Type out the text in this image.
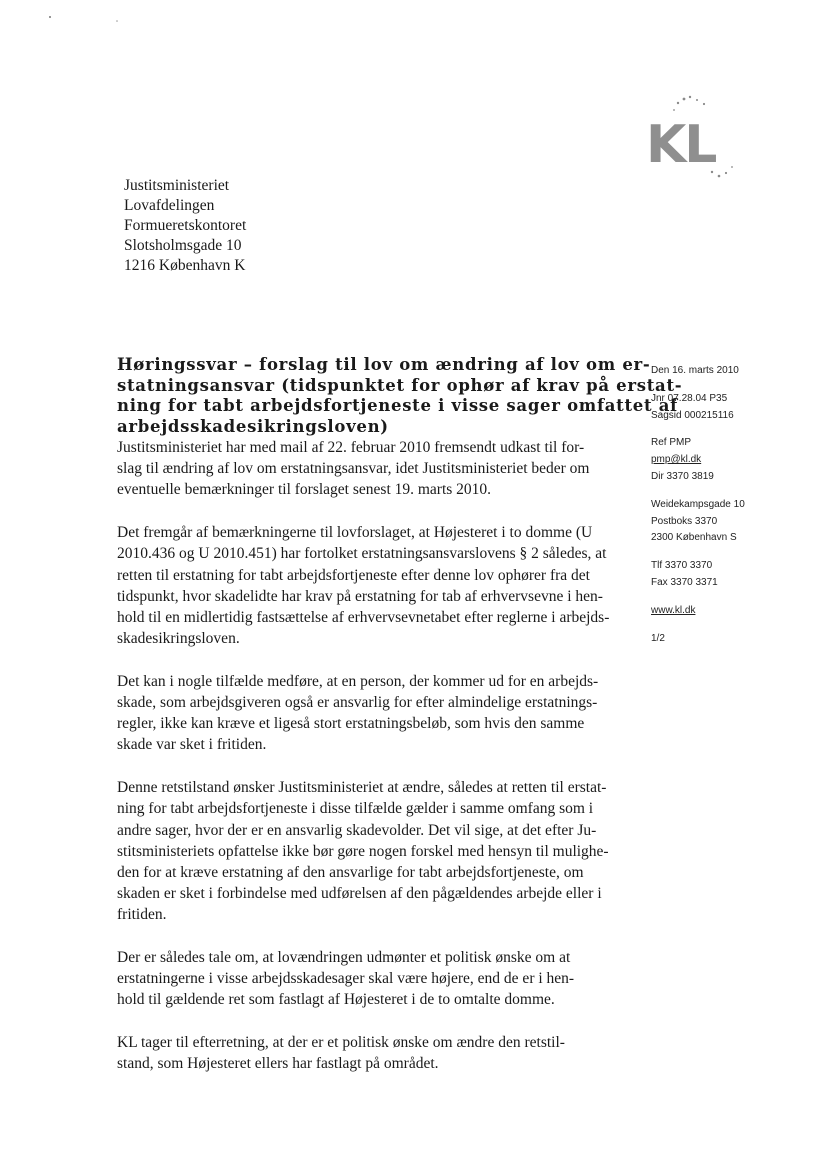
KL
Justitsministeriet
Lovafdelingen
Formueretskontoret
Slotsholmsgade 10
1216 København K
Høringssvar – forslag til lov om ændring af lov om er-
statningsansvar (tidspunktet for ophør af krav på erstat-
ning for tabt arbejdsfortjeneste i visse sager omfattet af
arbejdsskadesikringsloven)

Justitsministeriet har med mail af 22. februar 2010 fremsendt udkast til for-
slag til ændring af lov om erstatningsansvar, idet Justitsministeriet beder om
eventuelle bemærkninger til forslaget senest 19. marts 2010.

Det fremgår af bemærkningerne til lovforslaget, at Højesteret i to domme (U
2010.436 og U 2010.451) har fortolket erstatningsansvarslovens § 2 således, at
retten til erstatning for tabt arbejdsfortjeneste efter denne lov ophører fra det
tidspunkt, hvor skadelidte har krav på erstatning for tab af erhvervsevne i hen-
hold til en midlertidig fastsættelse af erhvervsevnetabet efter reglerne i arbejds-
skadesikringsloven.

Det kan i nogle tilfælde medføre, at en person, der kommer ud for en arbejds-
skade, som arbejdsgiveren også er ansvarlig for efter almindelige erstatnings-
regler, ikke kan kræve et ligeså stort erstatningsbeløb, som hvis den samme
skade var sket i fritiden.

Denne retstilstand ønsker Justitsministeriet at ændre, således at retten til erstat-
ning for tabt arbejdsfortjeneste i disse tilfælde gælder i samme omfang som i
andre sager, hvor der er en ansvarlig skadevolder. Det vil sige, at det efter Ju-
stitsministeriets opfattelse ikke bør gøre nogen forskel med hensyn til mulighe-
den for at kræve erstatning af den ansvarlige for tabt arbejdsfortjeneste, om
skaden er sket i forbindelse med udførelsen af den pågældendes arbejde eller i
fritiden.

Der er således tale om, at lovændringen udmønter et politisk ønske om at
erstatningerne i visse arbejdsskadesager skal være højere, end de er i hen-
hold til gældende ret som fastlagt af Højesteret i de to omtalte domme.

KL tager til efterretning, at der er et politisk ønske om ændre den retstil-
stand, som Højesteret ellers har fastlagt på området.

Den 16. marts 2010
Jnr 07.28.04 P35
Sagsid 000215116
Ref PMP
pmp@kl.dk
Dir 3370 3819
Weidekampsgade 10
Postboks 3370
2300 København S
Tlf 3370 3370
Fax 3370 3371
www.kl.dk
1/2
